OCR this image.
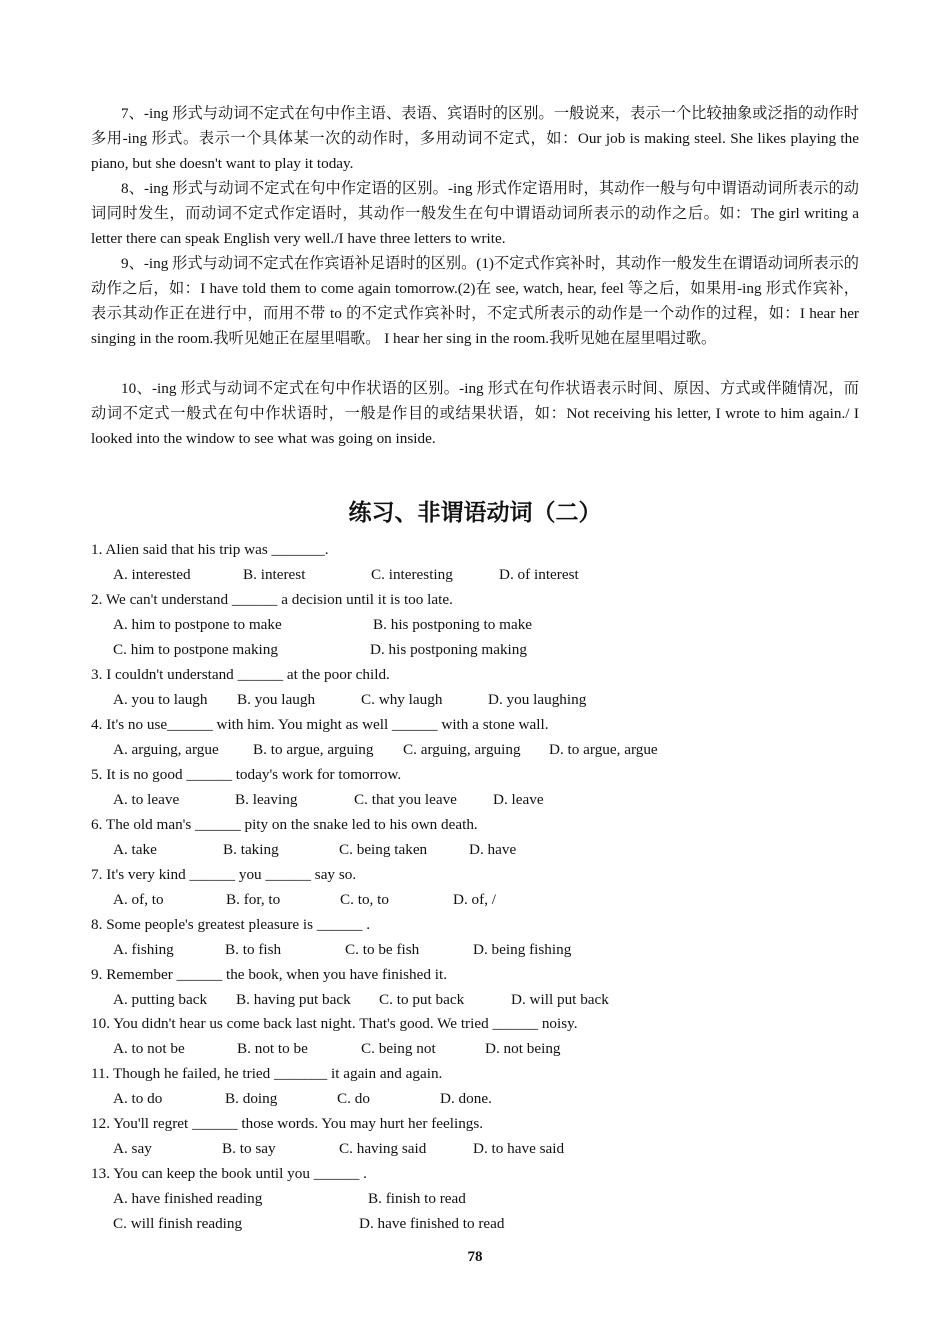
7、-ing 形式与动词不定式在句中作主语、表语、宾语时的区别。一般说来，表示一个比较抽象或泛指的动作时多用-ing 形式。表示一个具体某一次的动作时，多用动词不定式，如：Our job is making steel. She likes playing the piano, but she doesn't want to play it today.

8、-ing 形式与动词不定式在句中作定语的区别。-ing 形式作定语用时，其动作一般与句中谓语动词所表示的动词同时发生，而动词不定式作定语时，其动作一般发生在句中谓语动词所表示的动作之后。如：The girl writing a letter there can speak English very well./I have three letters to write.

9、-ing 形式与动词不定式在作宾语补足语时的区别。(1)不定式作宾补时，其动作一般发生在谓语动词所表示的动作之后，如：I have told them to come again tomorrow.(2)在 see, watch, hear, feel 等之后，如果用-ing 形式作宾补，表示其动作正在进行中，而用不带 to 的不定式作宾补时，不定式所表示的动作是一个动作的过程，如：I hear her singing in the room.我听见她正在屋里唱歌。 I hear her sing in the room.我听见她在屋里唱过歌。

10、-ing 形式与动词不定式在句中作状语的区别。-ing 形式在句作状语表示时间、原因、方式或伴随情况，而动词不定式一般式在句中作状语时，一般是作目的或结果状语，如：Not receiving his letter, I wrote to him again./ I looked into the window to see what was going on inside.

练习、非谓语动词（二）
1. Alien said that his trip was _______.
A. interested	B. interest	C. interesting	D. of interest
2. We can't understand ______ a decision until it is too late.
A. him to postpone to make	B. his postponing to make
C. him to postpone making	D. his postponing making
3. I couldn't understand ______ at the poor child.
A. you to laugh B. you laugh	C. why laugh	D. you laughing
4. It's no use______ with him. You might as well ______ with a stone wall.
A. arguing, argue B. to argue, arguing C. arguing, arguing D. to argue, argue
5. It is no good ______ today's work for tomorrow.
A. to leave	B. leaving	C. that you leave D. leave
6. The old man's ______ pity on the snake led to his own death.
A. take	B. taking	C. being taken	D. have
7. It's very kind ______ you ______ say so.
A. of, to	B. for, to	C. to, to	D. of, /
8. Some people's greatest pleasure is ______ .
A. fishing	B. to fish	C. to be fish	D. being fishing
9. Remember ______ the book, when you have finished it.
A. putting back B. having put back C. to put back	D. will put back
10. You didn't hear us come back last night. That's good. We tried ______ noisy.
A. to not be	B. not to be	C. being not	D. not being
11. Though he failed, he tried _______ it again and again.
A. to do	B. doing	C. do	D. done.
12. You'll regret ______ those words. You may hurt her feelings.
A. say	B. to say	C. having said	D. to have said
13. You can keep the book until you ______ .
A. have finished reading	B. finish to read
C. will finish reading	D. have finished to read
78
